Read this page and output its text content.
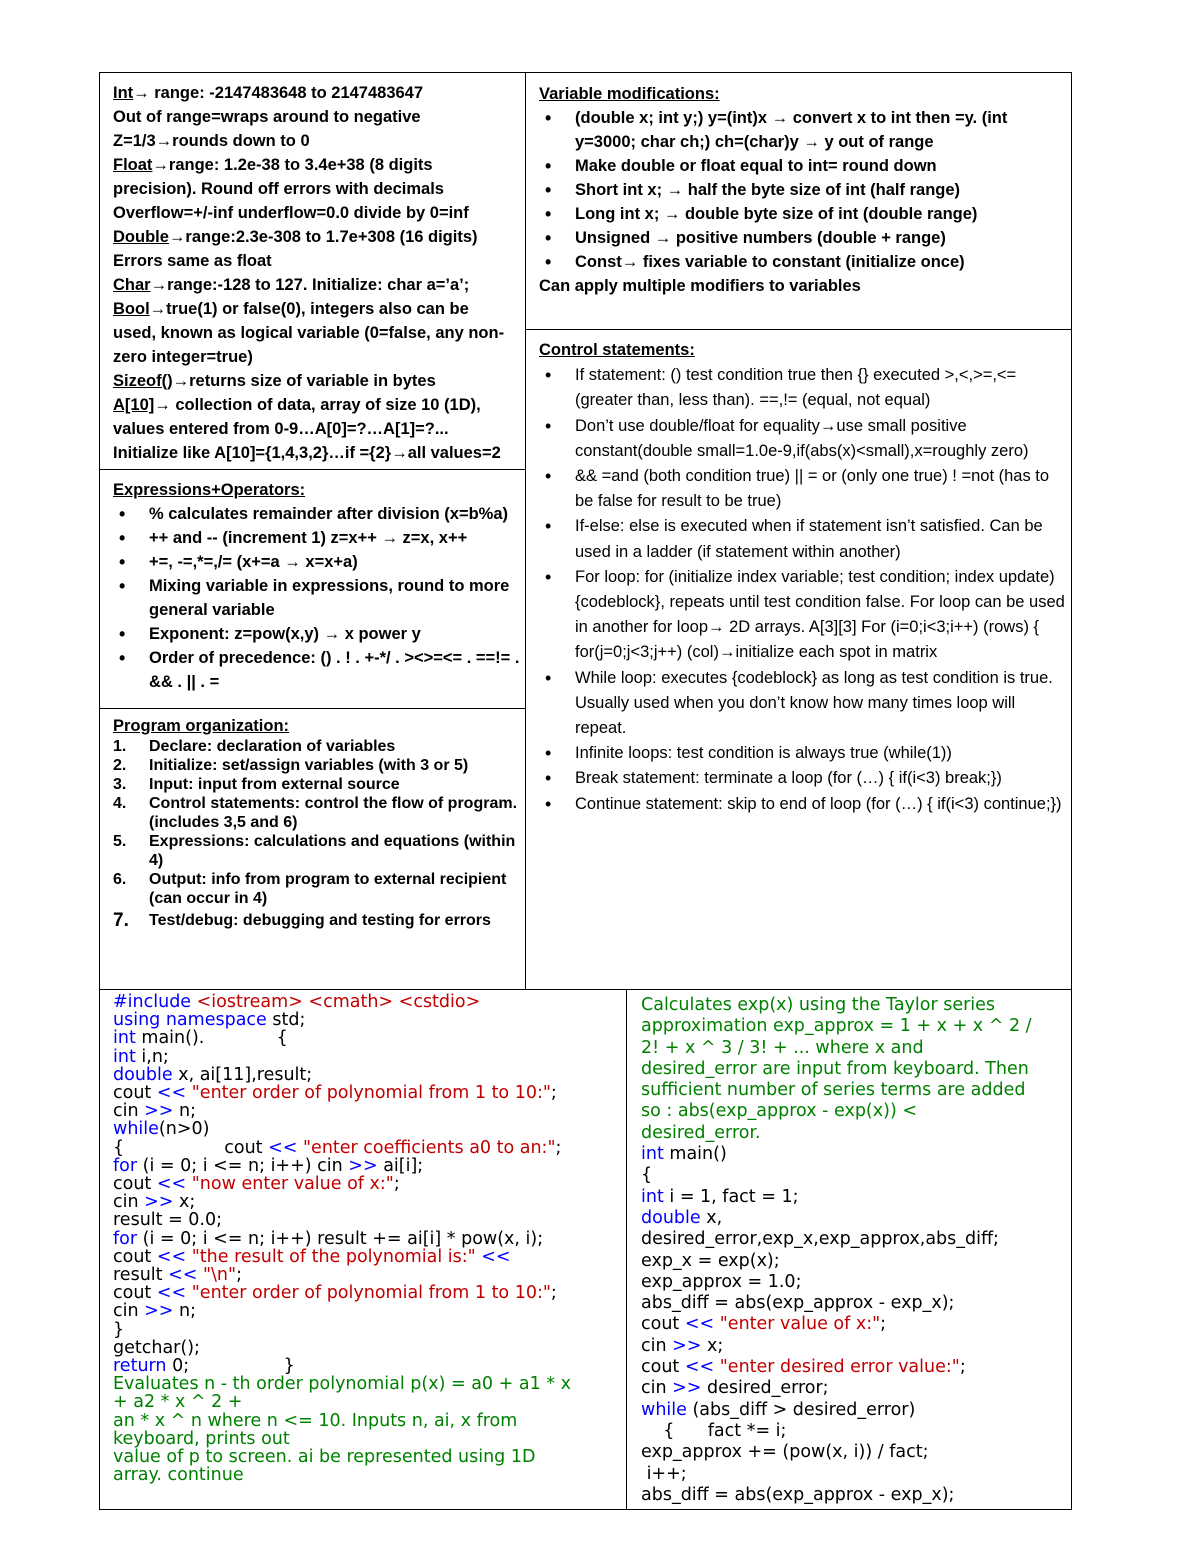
Int→ range: -2147483648 to 2147483647
Out of range=wraps around to negative
Z=1/3→rounds down to 0
Float→range: 1.2e-38 to 3.4e+38 (8 digits
precision). Round off errors with decimals
Overflow=+/-inf underflow=0.0 divide by 0=inf
Double→range:2.3e-308 to 1.7e+308 (16 digits)
Errors same as float
Char→range:-128 to 127. Initialize: char a=’a’;
Bool→true(1) or false(0), integers also can be
used, known as logical variable (0=false, any non-
zero integer=true)
Sizeof()→returns size of variable in bytes
A[10]→ collection of data, array of size 10 (1D),
values entered from 0-9…A[0]=?…A[1]=?...
Initialize like A[10]={1,4,3,2}…if ={2}→all values=2
Expressions+Operators:
• % calculates remainder after division (x=b%a)
• ++ and -- (increment 1) z=x++ → z=x, x++
• +=, -=,*=,/= (x+=a → x=x+a)
• Mixing variable in expressions, round to more general variable
• Exponent: z=pow(x,y) → x power y
• Order of precedence: () . ! . +-*/ . ><>=<= . ==!= . && . || . =
Program organization:
1. Declare: declaration of variables
2. Initialize: set/assign variables (with 3 or 5)
3. Input: input from external source
4. Control statements: control the flow of program. (includes 3,5 and 6)
5. Expressions: calculations and equations (within 4)
6. Output: info from program to external recipient (can occur in 4)
7. Test/debug: debugging and testing for errors
Variable modifications:
• (double x; int y;) y=(int)x → convert x to int then =y. (int y=3000; char ch;) ch=(char)y → y out of range
• Make double or float equal to int= round down
• Short int x; → half the byte size of int (half range)
• Long int x; → double byte size of int (double range)
• Unsigned → positive numbers (double + range)
• Const→ fixes variable to constant (initialize once)
Can apply multiple modifiers to variables
Control statements:
• If statement: () test condition true then {} executed >,<,>=,<= (greater than, less than). ==,!= (equal, not equal)
• Don’t use double/float for equality→use small positive constant(double small=1.0e-9,if(abs(x)<small),x=roughly zero)
• && =and (both condition true) || = or (only one true) ! =not (has to be false for result to be true)
• If-else: else is executed when if statement isn’t satisfied. Can be used in a ladder (if statement within another)
• For loop: for (initialize index variable; test condition; index update) {codeblock}, repeats until test condition false. For loop can be used in another for loop→ 2D arrays. A[3][3] For (i=0;i<3;i++) (rows) { for(j=0;j<3;j++) (col)→initialize each spot in matrix
• While loop: executes {codeblock} as long as test condition is true. Usually used when you don’t know how many times loop will repeat.
• Infinite loops: test condition is always true (while(1))
• Break statement: terminate a loop (for (…) { if(i<3) break;})
• Continue statement: skip to end of loop (for (…) { if(i<3) continue;})
#include <iostream> <cmath> <cstdio>
using namespace std;
int main().             {
int i,n;
double x, ai[11],result;
cout << "enter order of polynomial from 1 to 10:";
cin >> n;
while(n>0)
{                  cout << "enter coefficients a0 to an:";
for (i = 0; i <= n; i++) cin >> ai[i];
cout << "now enter value of x:";
cin >> x;
result = 0.0;
for (i = 0; i <= n; i++) result += ai[i] * pow(x, i);
cout << "the result of the polynomial is:" <<
result << "\n";
cout << "enter order of polynomial from 1 to 10:";
cin >> n;
}
getchar();
return 0;                 }
Evaluates n - th order polynomial p(x) = a0 + a1 * x
+ a2 * x ^ 2 +
an * x ^ n where n <= 10. Inputs n, ai, x from
keyboard, prints out
value of p to screen. ai be represented using 1D
array. continue
Calculates exp(x) using the Taylor series
approximation exp_approx = 1 + x + x ^ 2 /
2! + x ^ 3 / 3! + ... where x and
desired_error are input from keyboard. Then
sufficient number of series terms are added
so : abs(exp_approx - exp(x)) <
desired_error.
int main()
{
int i = 1, fact = 1;
double x,
desired_error,exp_x,exp_approx,abs_diff;
exp_x = exp(x);
exp_approx = 1.0;
abs_diff = abs(exp_approx - exp_x);
cout << "enter value of x:";
cin >> x;
cout << "enter desired error value:";
cin >> desired_error;
while (abs_diff > desired_error)
{      fact *= i;
exp_approx += (pow(x, i)) / fact;
i++;
abs_diff = abs(exp_approx - exp_x);
